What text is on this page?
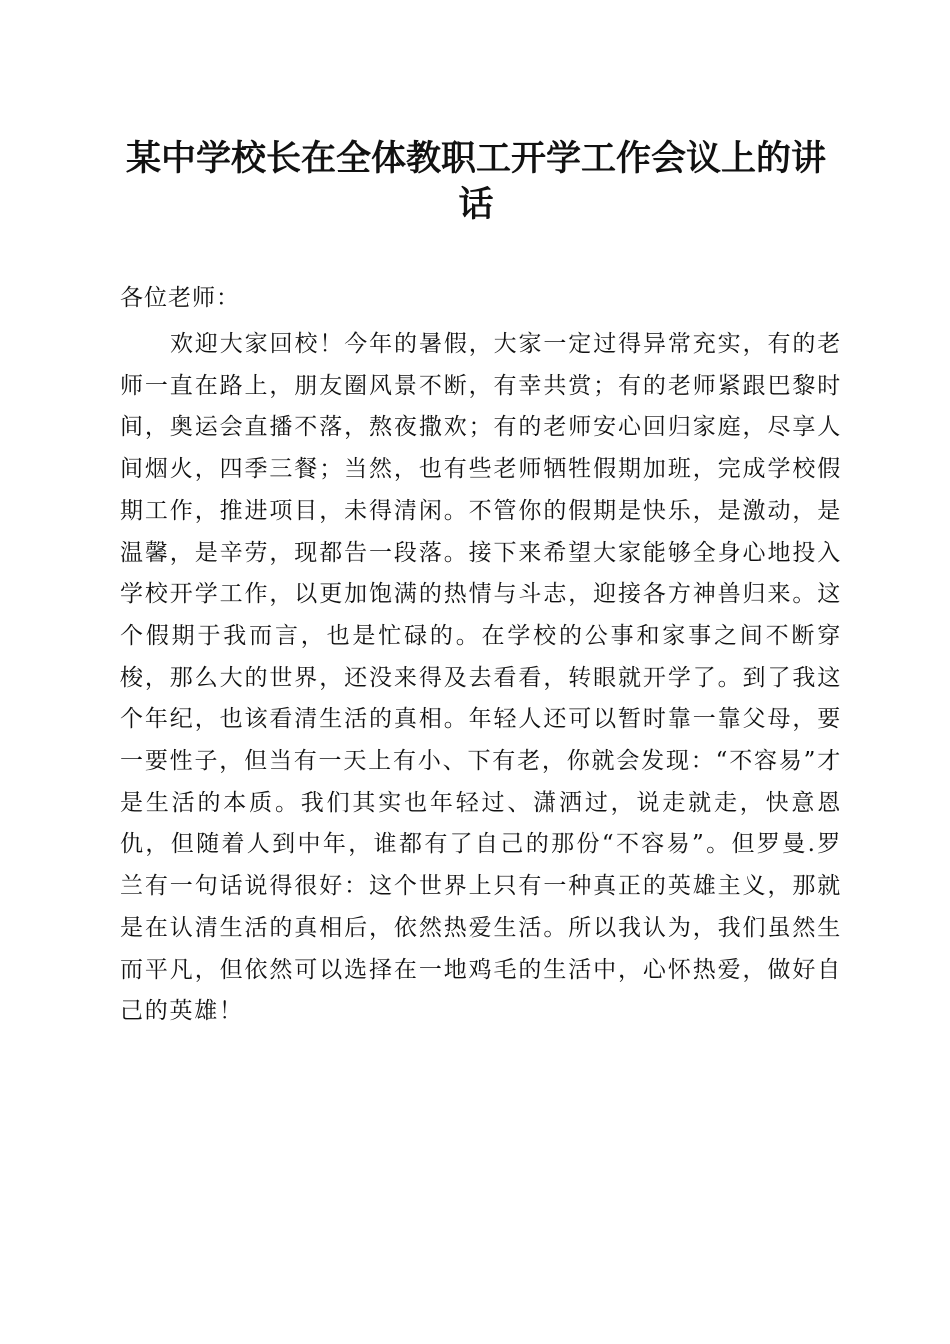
某中学校长在全体教职工开学工作会议上的讲话

各位老师：

欢迎大家回校！今年的暑假，大家一定过得异常充实，有的老师一直在路上，朋友圈风景不断，有幸共赏；有的老师紧跟巴黎时间，奥运会直播不落，熬夜撒欢；有的老师安心回归家庭，尽享人间烟火，四季三餐；当然，也有些老师牺牲假期加班，完成学校假期工作，推进项目，未得清闲。不管你的假期是快乐，是激动，是温馨，是辛劳，现都告一段落。接下来希望大家能够全身心地投入学校开学工作，以更加饱满的热情与斗志，迎接各方神兽归来。这个假期于我而言，也是忙碌的。在学校的公事和家事之间不断穿梭，那么大的世界，还没来得及去看看，转眼就开学了。到了我这个年纪，也该看清生活的真相。年轻人还可以暂时靠一靠父母，要一要性子，但当有一天上有小、下有老，你就会发现：“不容易”才是生活的本质。我们其实也年轻过、潇洒过，说走就走，快意恩仇，但随着人到中年，谁都有了自己的那份“不容易”。但罗曼.罗兰有一句话说得很好：这个世界上只有一种真正的英雄主义，那就是在认清生活的真相后，依然热爱生活。所以我认为，我们虽然生而平凡，但依然可以选择在一地鸡毛的生活中，心怀热爱，做好自己的英雄！
